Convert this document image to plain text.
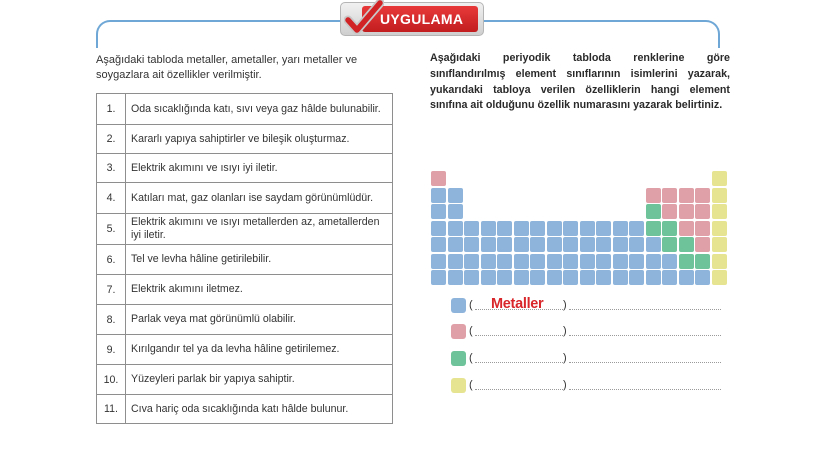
UYGULAMA

Aşağıdaki tabloda metaller, ametaller, yarı metaller ve soygazlara ait özellikler verilmiştir.

1.	Oda sıcaklığında katı, sıvı veya gaz hâlde bulunabilir.
2.	Kararlı yapıya sahiptirler ve bileşik oluşturmaz.
3.	Elektrik akımını ve ısıyı iyi iletir.
4.	Katıları mat, gaz olanları ise saydam görünümlüdür.
5.	Elektrik akımını ve ısıyı metallerden az, ametallerden iyi iletir.
6.	Tel ve levha hâline getirilebilir.
7.	Elektrik akımını iletmez.
8.	Parlak veya mat görünümlü olabilir.
9.	Kırılgandır tel ya da levha hâline getirilemez.
10.	Yüzeyleri parlak bir yapıya sahiptir.
11.	Cıva hariç oda sıcaklığında katı hâlde bulunur.

Aşağıdaki periyodik tabloda renklerine göre sınıflandırılmış element sınıflarının isimlerini yazarak, yukarıdaki tabloya verilen özelliklerin hangi element sınıfına ait olduğunu özellik numarasını yazarak belirtiniz.

( Metaller )
(	)
(	)
(	)
